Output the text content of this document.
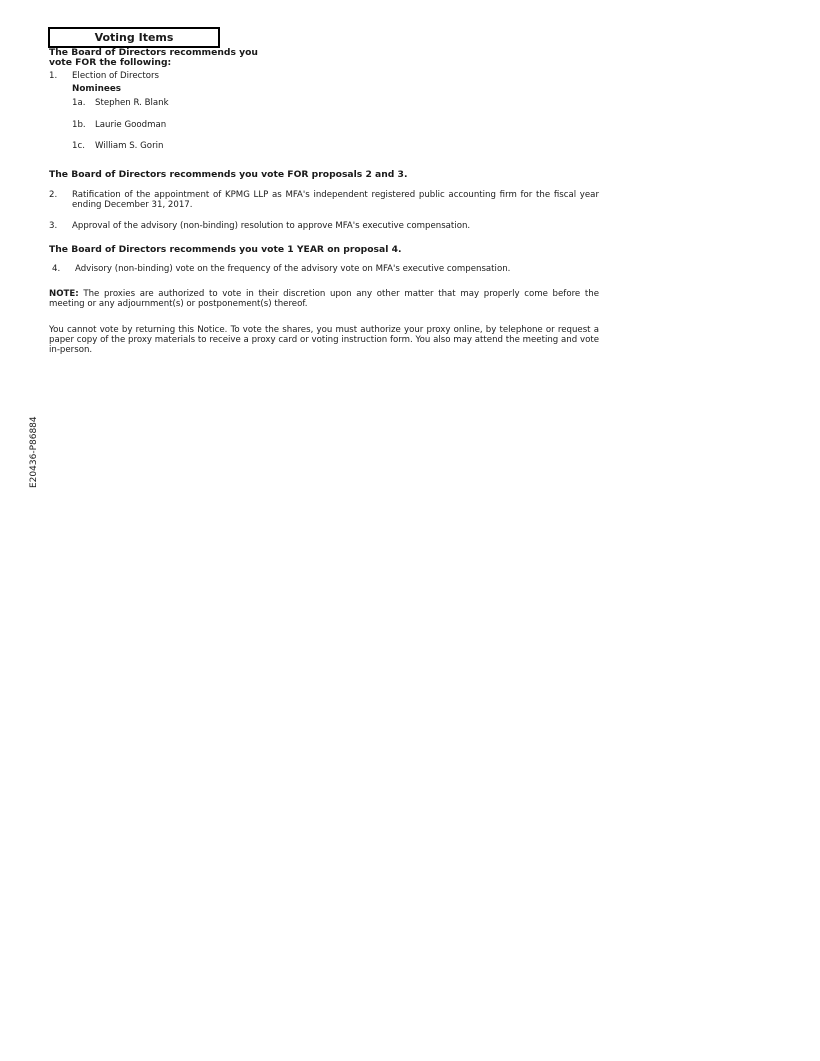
Voting Items

The Board of Directors recommends you vote FOR the following:

1. Election of Directors
Nominees
1a. Stephen R. Blank
1b. Laurie Goodman
1c. William S. Gorin

The Board of Directors recommends you vote FOR proposals 2 and 3.

2. Ratification of the appointment of KPMG LLP as MFA's independent registered public accounting firm for the fiscal year ending December 31, 2017.
3. Approval of the advisory (non-binding) resolution to approve MFA's executive compensation.

The Board of Directors recommends you vote 1 YEAR on proposal 4.

4. Advisory (non-binding) vote on the frequency of the advisory vote on MFA's executive compensation.

NOTE: The proxies are authorized to vote in their discretion upon any other matter that may properly come before the meeting or any adjournment(s) or postponement(s) thereof.

You cannot vote by returning this Notice. To vote the shares, you must authorize your proxy online, by telephone or request a paper copy of the proxy materials to receive a proxy card or voting instruction form. You also may attend the meeting and vote in-person.

E20436-P86884
